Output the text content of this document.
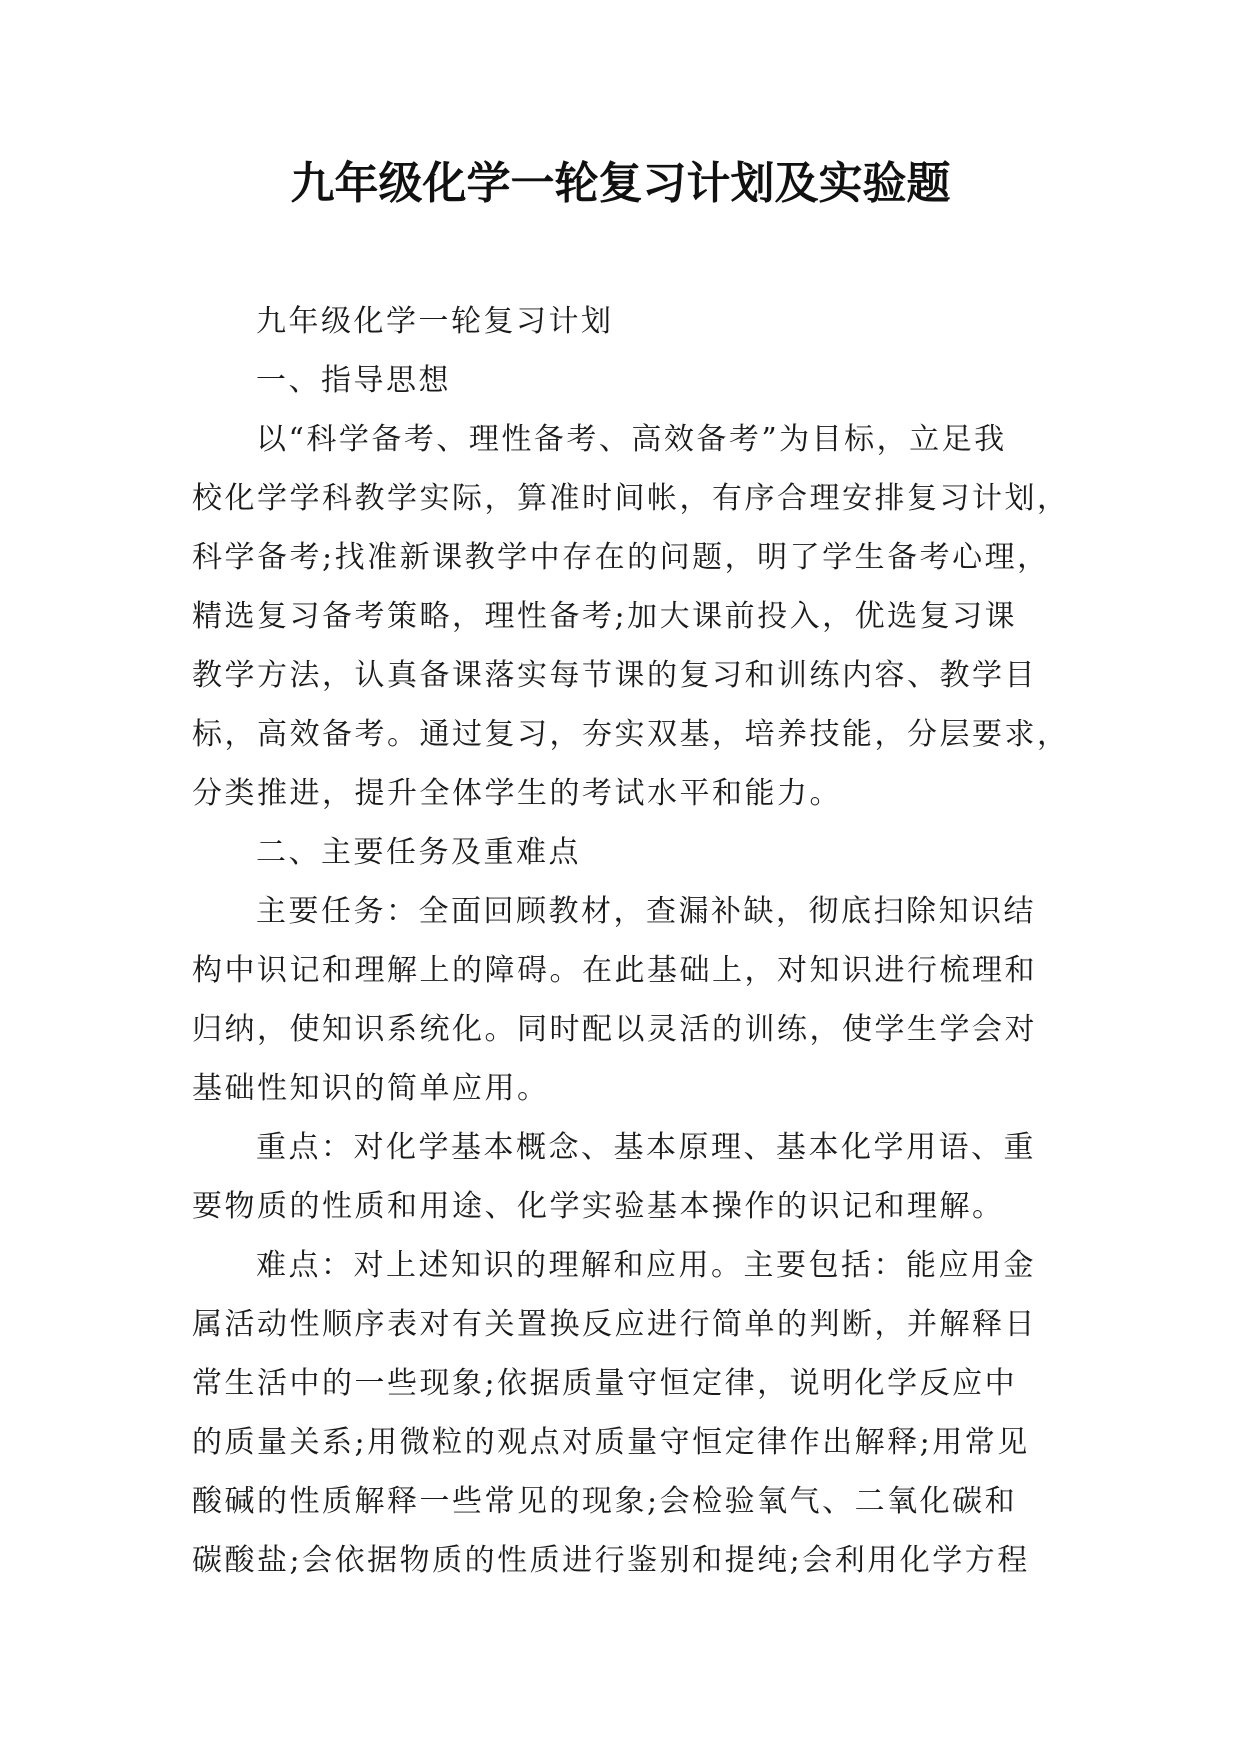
九年级化学一轮复习计划及实验题
九年级化学一轮复习计划
一、指导思想
以“科学备考、理性备考、高效备考”为目标，立足我
校化学学科教学实际，算准时间帐，有序合理安排复习计划，
科学备考;找准新课教学中存在的问题，明了学生备考心理，
精选复习备考策略，理性备考;加大课前投入，优选复习课
教学方法，认真备课落实每节课的复习和训练内容、教学目
标，高效备考。通过复习，夯实双基，培养技能，分层要求，
分类推进，提升全体学生的考试水平和能力。
二、主要任务及重难点
主要任务：全面回顾教材，查漏补缺，彻底扫除知识结
构中识记和理解上的障碍。在此基础上，对知识进行梳理和
归纳，使知识系统化。同时配以灵活的训练，使学生学会对
基础性知识的简单应用。
重点：对化学基本概念、基本原理、基本化学用语、重
要物质的性质和用途、化学实验基本操作的识记和理解。
难点：对上述知识的理解和应用。主要包括：能应用金
属活动性顺序表对有关置换反应进行简单的判断，并解释日
常生活中的一些现象;依据质量守恒定律，说明化学反应中
的质量关系;用微粒的观点对质量守恒定律作出解释;用常见
酸碱的性质解释一些常见的现象;会检验氧气、二氧化碳和
碳酸盐;会依据物质的性质进行鉴别和提纯;会利用化学方程
